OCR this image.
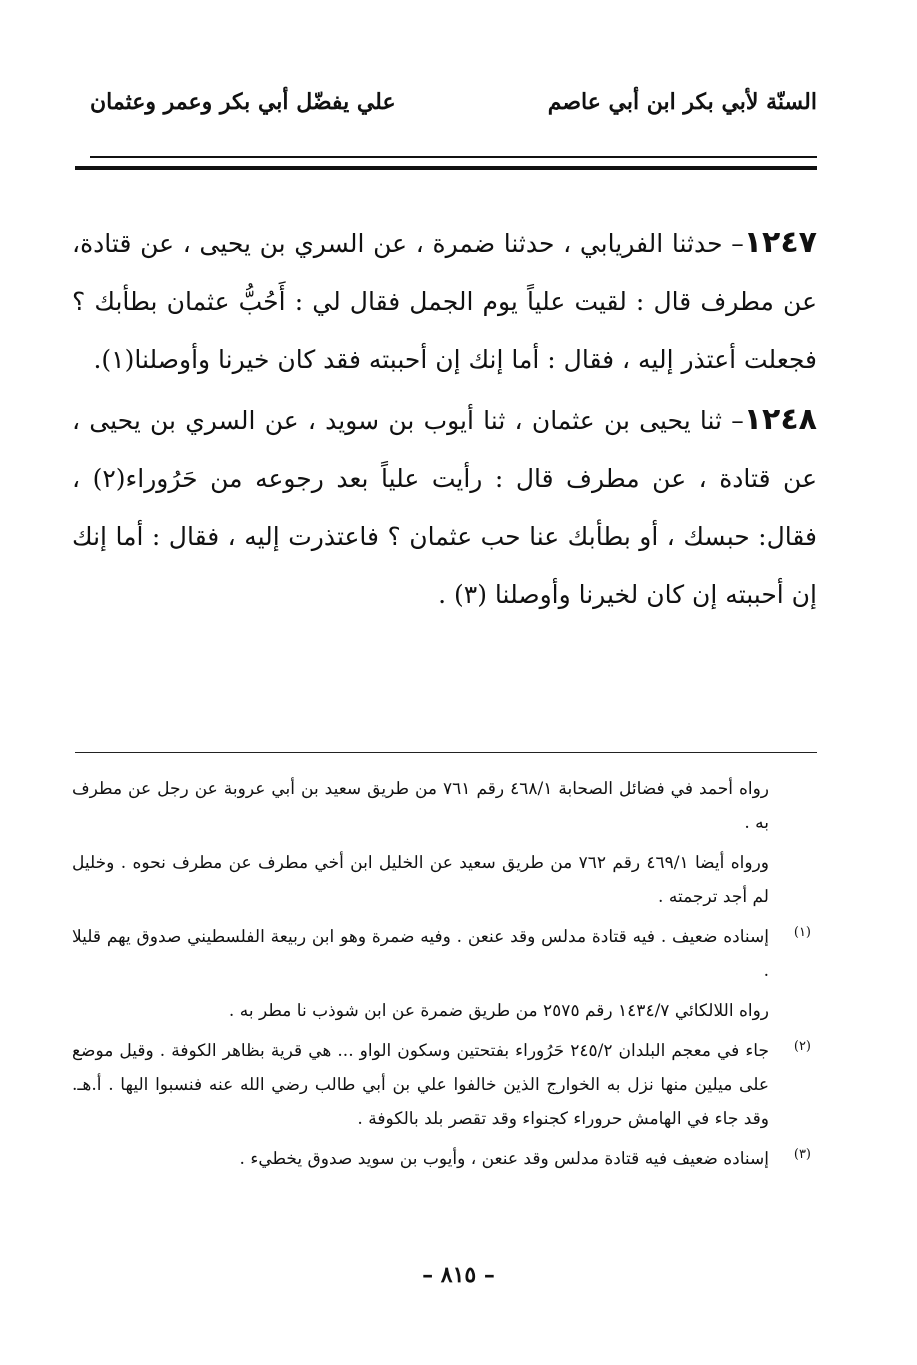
السنّة لأبي بكر ابن أبي عاصم
علي يفضّل أبي بكر وعمر وعثمان

١٢٤٧– حدثنا الفريابي ، حدثنا ضمرة ، عن السري بن يحيى ، عن قتادة، عن مطرف قال : لقيت علياً يوم الجمل فقال لي : أَحُبُّ عثمان بطأبك ؟ فجعلت أعتذر إليه ، فقال : أما إنك إن أحببته فقد كان خيرنا وأوصلنا(١).

١٢٤٨– ثنا يحيى بن عثمان ، ثنا أيوب بن سويد ، عن السري بن يحيى ، عن قتادة ، عن مطرف قال : رأيت علياً بعد رجوعه من حَرُوراء(٢) ، فقال: حبسك ، أو بطأبك عنا حب عثمان ؟ فاعتذرت إليه ، فقال : أما إنك إن أحببته إن كان لخيرنا وأوصلنا (٣) .

رواه أحمد في فضائل الصحابة ٤٦٨/١ رقم ٧٦١ من طريق سعيد بن أبي عروبة عن رجل عن مطرف به .

ورواه أيضا ٤٦٩/١ رقم ٧٦٢ من طريق سعيد عن الخليل ابن أخي مطرف عن مطرف نحوه . وخليل لم أجد ترجمته .

(١)

إسناده ضعيف . فيه قتادة مدلس وقد عنعن . وفيه ضمرة وهو ابن ربيعة الفلسطيني صدوق يهم قليلا .

رواه اللالكائي ١٤٣٤/٧ رقم ٢٥٧٥ من طريق ضمرة عن ابن شوذب نا مطر به .

(٢)

جاء في معجم البلدان ٢٤٥/٢ حَرُوراء بفتحتين وسكون الواو ... هي قرية بظاهر الكوفة . وقيل موضع على ميلين منها نزل به الخوارج الذين خالفوا علي بن أبي طالب رضي الله عنه فنسبوا اليها . أ.هـ. وقد جاء في الهامش حروراء كجنواء وقد تقصر بلد بالكوفة .

(٣)

إسناده ضعيف فيه قتادة مدلس وقد عنعن ، وأيوب بن سويد صدوق يخطيء .

– ٨١٥ –
